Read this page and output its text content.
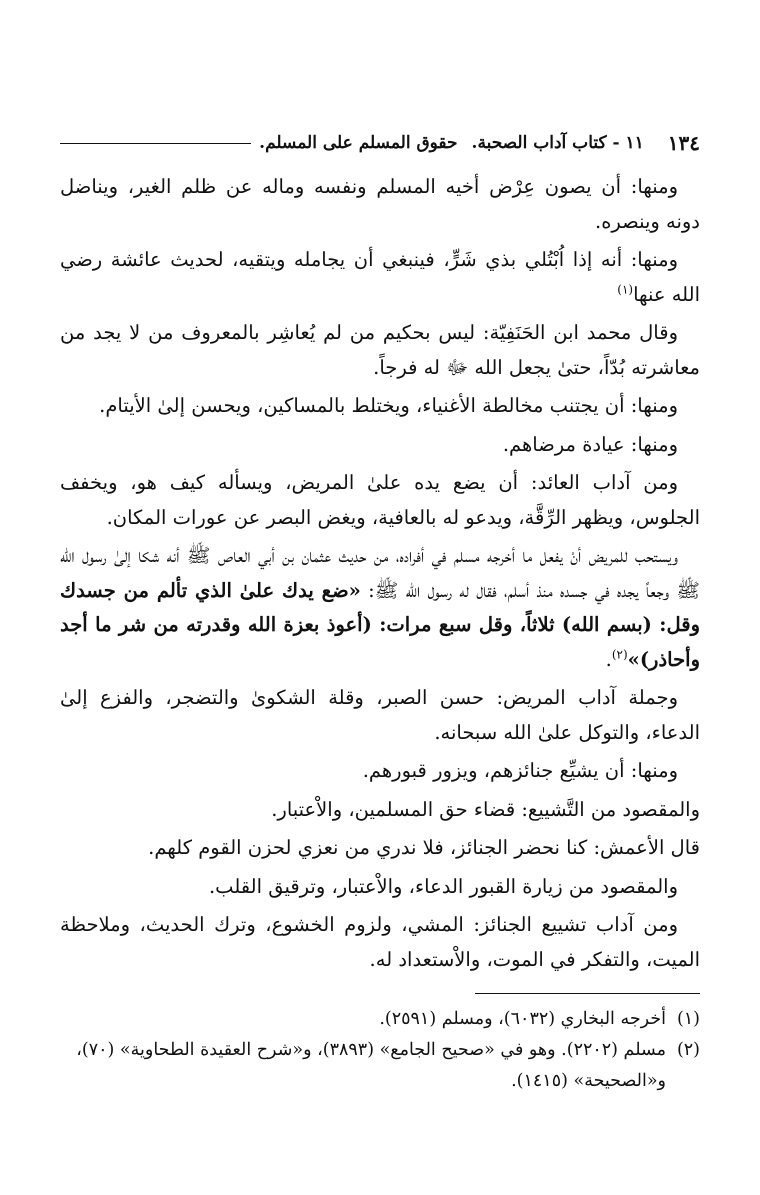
١٣٤
١١ - كتاب آداب الصحبة.
حقوق المسلم على المسلم.

ومنها: أن يصون عِرْض أخيه المسلم ونفسه وماله عن ظلم الغير، ويناضل دونه وينصره.

ومنها: أنه إذا اُبْتُلي بذي شَرٍّ، فينبغي أن يجامله ويتقيه، لحديث عائشة رضي الله عنها$^{(١)}$

وقال محمد ابن الحَنَفِيّة: ليس بحكيم من لم يُعاشِر بالمعروف من لا يجد من معاشرته بُدّاً، حتىٰ يجعل الله ﷻ له فرجاً.

ومنها: أن يجتنب مخالطة الأغنياء، ويختلط بالمساكين، ويحسن إلىٰ الأيتام.

ومنها: عيادة مرضاهم.

ومن آداب العائد: أن يضع يده علىٰ المريض، ويسأله كيف هو، ويخفف الجلوس، ويظهر الرِّقَّة، ويدعو له بالعافية، ويغض البصر عن عورات المكان.

ويستحب للمريض أنْ يفعل ما أخرجه مسلم في أفراده، من حديث عثمان بن أبي العاص ﷺ أنه شكا إلىٰ رسول الله ﷺ وجعاً يجده في جسده منذ أسلم، فقال له رسول الله ﷺ: «ضع يدك علىٰ الذي تألم من جسدك وقل: (بسم الله) ثلاثاً، وقل سبع مرات: (أعوذ بعزة الله وقدرته من شر ما أجد وأحاذر)»$^{(٢)}$.

وجملة آداب المريض: حسن الصبر، وقلة الشكوىٰ والتضجر، والفزع إلىٰ الدعاء، والتوكل علىٰ الله سبحانه.

ومنها: أن يشيِّع جنائزهم، ويزور قبورهم.

والمقصود من التَّشييع: قضاء حق المسلمين، والاْعتبار.

قال الأعمش: كنا نحضر الجنائز، فلا ندري من نعزي لحزن القوم كلهم.

والمقصود من زيارة القبور الدعاء، والاْعتبار، وترقيق القلب.

ومن آداب تشييع الجنائز: المشي، ولزوم الخشوع، وترك الحديث، وملاحظة الميت، والتفكر في الموت، والاْستعداد له.

(١)
أخرجه البخاري (٦٠٣٢)، ومسلم (٢٥٩١).
(٢)
مسلم (٢٢٠٢). وهو في «صحيح الجامع» (٣٨٩٣)، و«شرح العقيدة الطحاوية» (٧٠)، و«الصحيحة» (١٤١٥).
